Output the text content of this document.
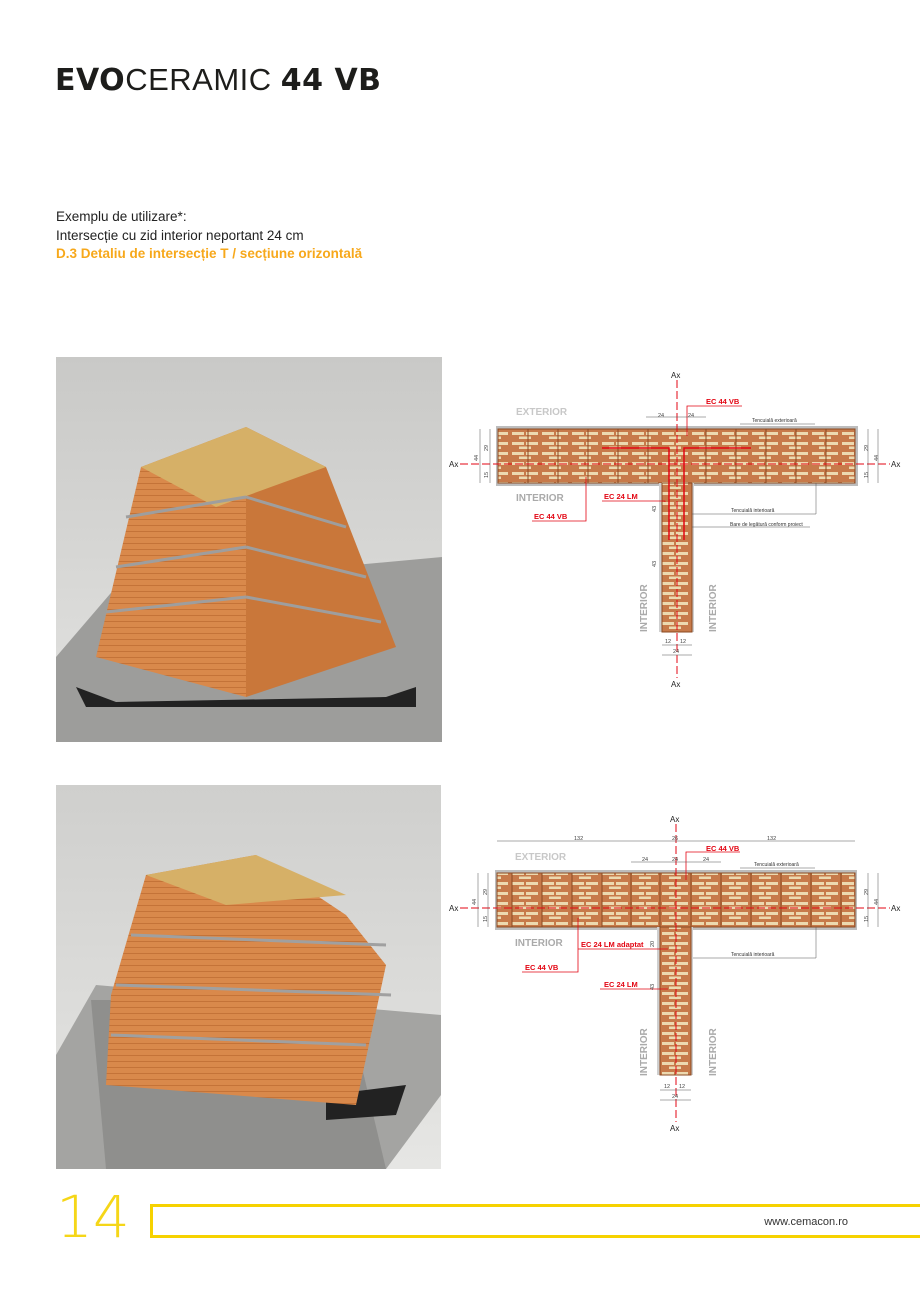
EVOCERAMIC 44 VB
Exemplu de utilizare*:
Intersecție cu zid interior neportant 24 cm
D.3 Detaliu de intersecție T / secțiune orizontală
Ax
Ax	Ax
Ax
EXTERIOR
INTERIOR
INTERIOR	INTERIOR
EC 44 VB
EC 24 LM
EC 44 VB
Tencuială exterioară
Tencuială interioară
Bare de legătură conform proiect
24	24
44
29
15
29
44
15
43
43
12 12
24
Ax
Ax	Ax
Ax
EXTERIOR
INTERIOR
INTERIOR	INTERIOR
EC 44 VB
EC 24 LM adaptat
EC 44 VB
EC 24 LM
Tencuială exterioară
Tencuială interioară
132	26	132
24	24	24
44
29
15
29
44
15
20
43
12 12
24
14	www.cemacon.ro
